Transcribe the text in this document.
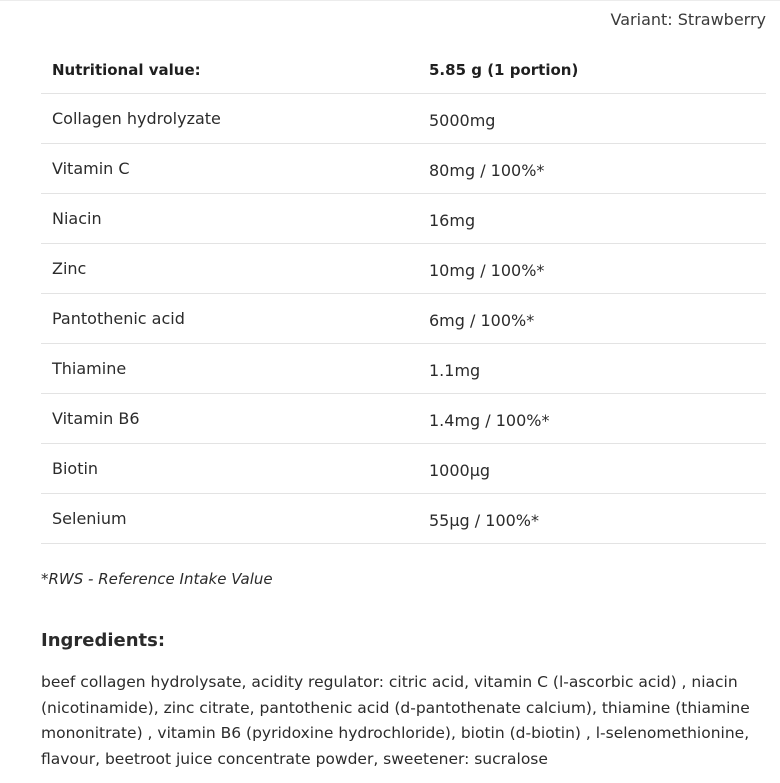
Variant: Strawberry
Nutritional value:	5.85 g (1 portion)
Collagen hydrolyzate	5000mg
Vitamin C	80mg / 100%*
Niacin	16mg
Zinc	10mg / 100%*
Pantothenic acid	6mg / 100%*
Thiamine	1.1mg
Vitamin B6	1.4mg / 100%*
Biotin	1000μg
Selenium	55μg / 100%*
*RWS - Reference Intake Value
Ingredients:

beef collagen hydrolysate, acidity regulator: citric acid, vitamin C (l-ascorbic acid) , niacin (nicotinamide), zinc citrate, pantothenic acid (d-pantothenate calcium), thiamine (thiamine mononitrate) , vitamin B6 (pyridoxine hydrochloride), biotin (d-biotin) , l-selenomethionine, flavour, beetroot juice concentrate powder, sweetener: sucralose
